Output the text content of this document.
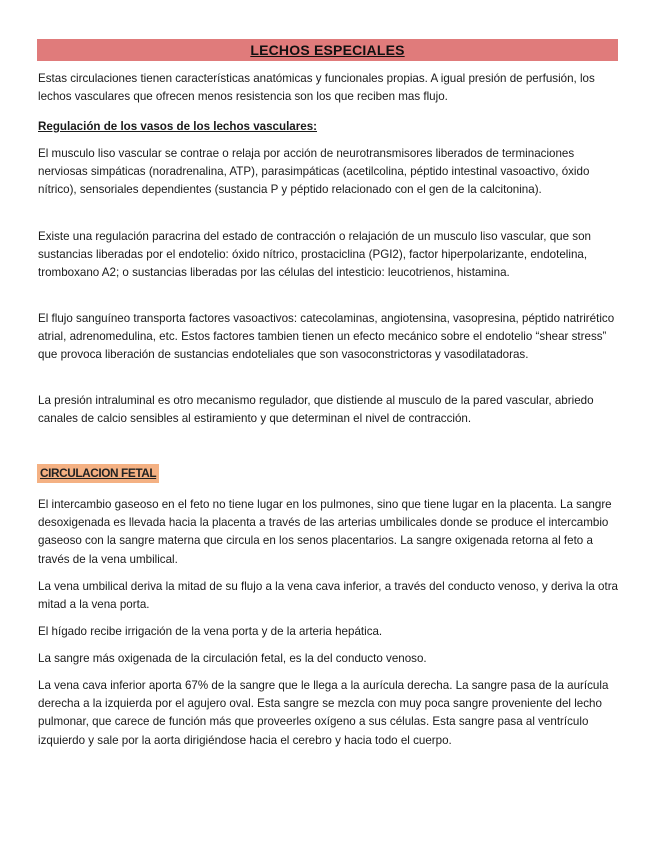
LECHOS ESPECIALES

Estas circulaciones tienen características anatómicas y funcionales propias. A igual presión de perfusión, los lechos vasculares que ofrecen menos resistencia son los que reciben mas flujo.

Regulación de los vasos de los lechos vasculares:

El musculo liso vascular se contrae o relaja por acción de neurotransmisores liberados de terminaciones nerviosas simpáticas (noradrenalina, ATP), parasimpáticas (acetilcolina, péptido intestinal vasoactivo, óxido nítrico), sensoriales dependientes (sustancia P y péptido relacionado con el gen de la calcitonina).

Existe una regulación paracrina del estado de contracción o relajación de un musculo liso vascular, que son sustancias liberadas por el endotelio: óxido nítrico, prostaciclina (PGI2), factor hiperpolarizante, endotelina, tromboxano A2; o sustancias liberadas por las células del intesticio: leucotrienos, histamina.

El flujo sanguíneo transporta factores vasoactivos: catecolaminas, angiotensina, vasopresina, péptido natrirético atrial, adrenomedulina, etc. Estos factores tambien tienen un efecto mecánico sobre el endotelio “shear stress” que provoca liberación de sustancias endoteliales que son vasoconstrictoras y vasodilatadoras.

La presión intraluminal es otro mecanismo regulador, que distiende al musculo de la pared vascular, abriedo canales de calcio sensibles al estiramiento y que determinan el nivel de contracción.

CIRCULACION FETAL

El intercambio gaseoso en el feto no tiene lugar en los pulmones, sino que tiene lugar en la placenta. La sangre desoxigenada es llevada hacia la placenta a través de las arterias umbilicales donde se produce el intercambio gaseoso con la sangre materna que circula en los senos placentarios. La sangre oxigenada retorna al feto a través de la vena umbilical.

La vena umbilical deriva la mitad de su flujo a la vena cava inferior, a través del conducto venoso, y deriva la otra mitad a la vena porta.

El hígado recibe irrigación de la vena porta y de la arteria hepática.

La sangre más oxigenada de la circulación fetal, es la del conducto venoso.

La vena cava inferior aporta 67% de la sangre que le llega a la aurícula derecha. La sangre pasa de la aurícula derecha a la izquierda por el agujero oval. Esta sangre se mezcla con muy poca sangre proveniente del lecho pulmonar, que carece de función más que proveerles oxígeno a sus células. Esta sangre pasa al ventrículo izquierdo y sale por la aorta dirigiéndose hacia el cerebro y hacia todo el cuerpo.
